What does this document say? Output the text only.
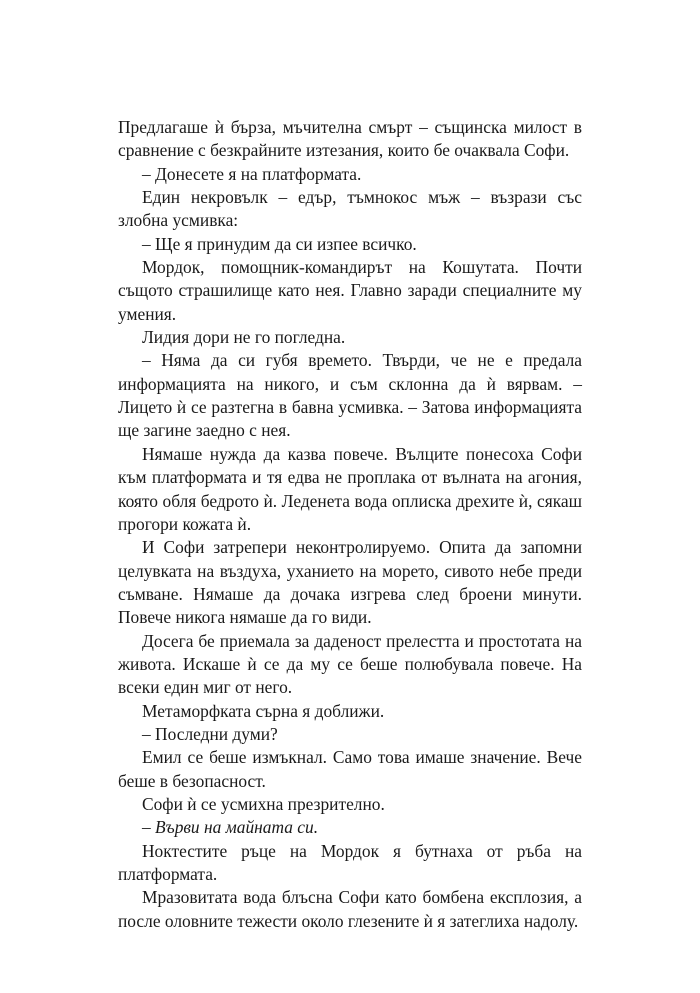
Предлагаше ѝ бърза, мъчителна смърт – същинска милост в сравнение с безкрайните изтезания, които бе очаквала Софи.

– Донесете я на платформата.

Един некровълк – едър, тъмнокос мъж – възрази със злобна усмивка:

– Ще я принудим да си изпее всичко.

Мордок, помощник-командирът на Кошутата. Почти същото страшилище като нея. Главно заради специалните му умения.

Лидия дори не го погледна.

– Няма да си губя времето. Твърди, че не е предала информацията на никого, и съм склонна да ѝ вярвам. – Лицето ѝ се разтегна в бавна усмивка. – Затова информацията ще загине заедно с нея.

Нямаше нужда да казва повече. Вълците понесоха Софи към платформата и тя едва не проплака от вълната на агония, която обля бедрото ѝ. Леденета вода оплиска дрехите ѝ, сякаш прогори кожата ѝ.

И Софи затрепери неконтролируемо. Опита да запомни целувката на въздуха, уханието на морето, сивото небе преди съмване. Нямаше да дочака изгрева след броени минути. Повече никога нямаше да го види.

Досега бе приемала за даденост прелестта и простотата на живота. Искаше ѝ се да му се беше полюбувала повече. На всеки един миг от него.

Метаморфката сърна я доближи.

– Последни думи?

Емил се беше измъкнал. Само това имаше значение. Вече беше в безопасност.

Софи ѝ се усмихна презрително.

– Върви на майната си.

Ноктестите ръце на Мордок я бутнаха от ръба на платформата.

Мразовитата вода блъсна Софи като бомбена експлозия, а после оловните тежести около глезените ѝ я затеглиха надолу.
